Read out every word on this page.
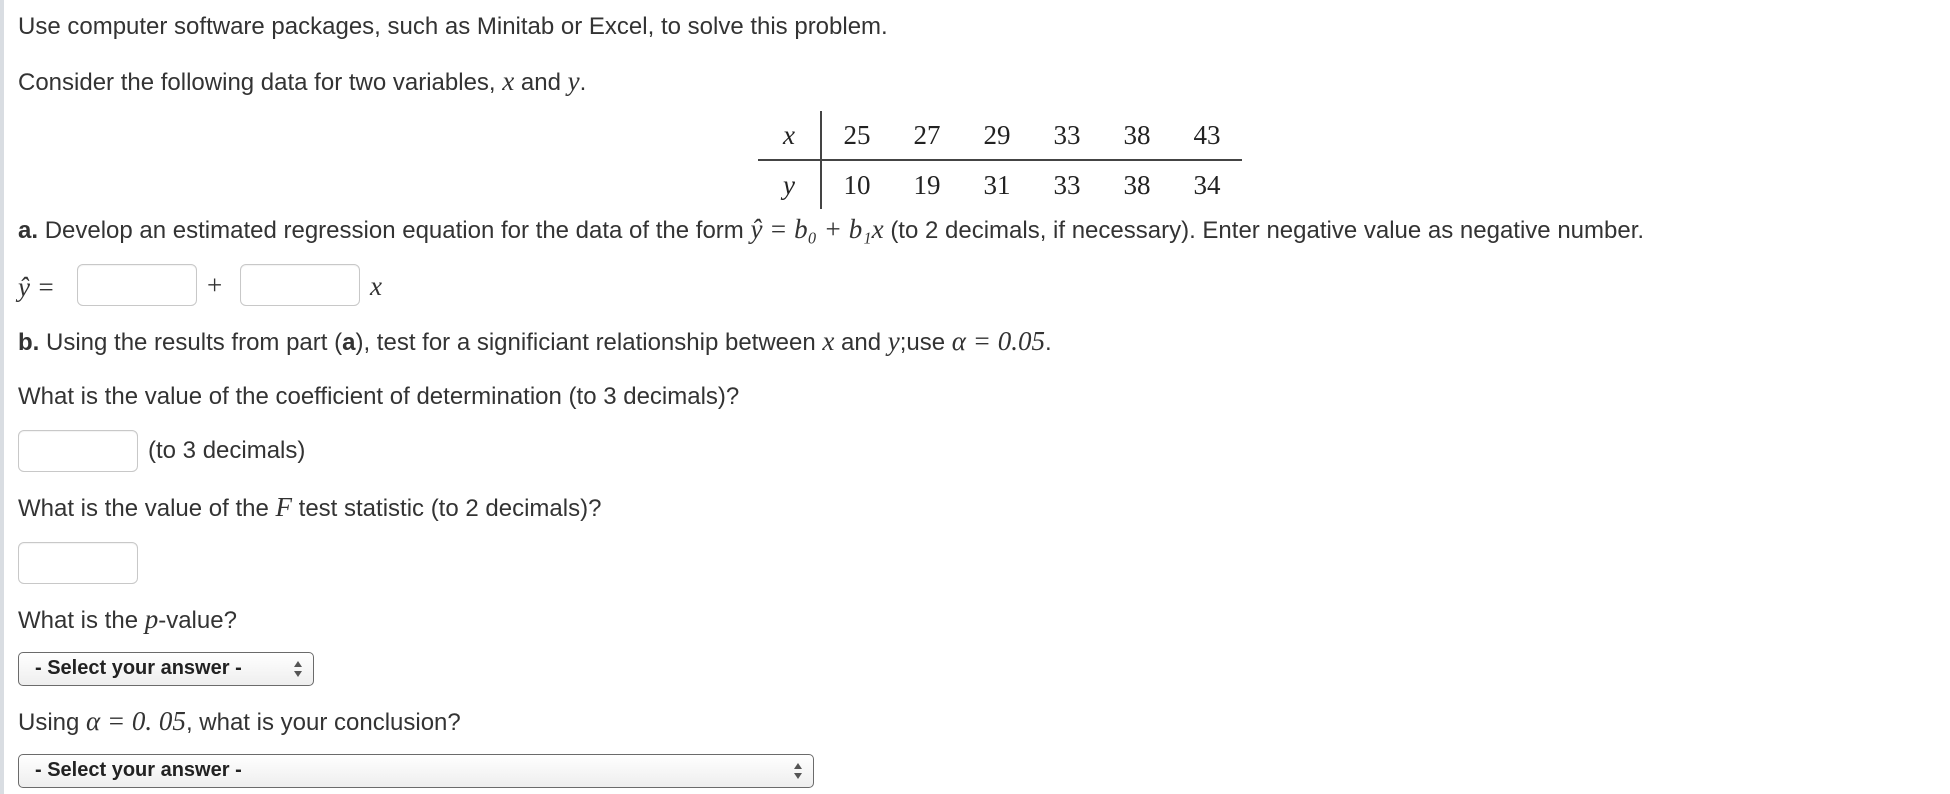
Use computer software packages, such as Minitab or Excel, to solve this problem.
Consider the following data for two variables, x and y.
x	25	27	29	33	38	43
y	10	19	31	33	38	34
a. Develop an estimated regression equation for the data of the form ŷ = b₀ + b₁x (to 2 decimals, if necessary). Enter negative value as negative number.
ŷ =	+	x
b. Using the results from part (a), test for a significiant relationship between x and y;use α = 0.05.
What is the value of the coefficient of determination (to 3 decimals)?
(to 3 decimals)
What is the value of the F test statistic (to 2 decimals)?
What is the p-value?
- Select your answer -
Using α = 0. 05, what is your conclusion?
- Select your answer -
